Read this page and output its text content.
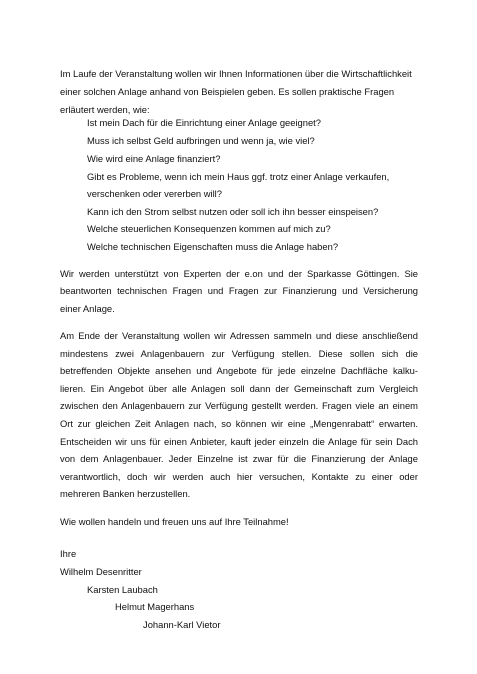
Im Laufe der Veranstaltung wollen wir Ihnen Informationen über die Wirtschaftlichkeit
einer solchen Anlage anhand von Beispielen geben. Es sollen praktische Fragen
erläutert werden, wie:
Ist mein Dach für die Einrichtung einer Anlage geeignet?
Muss ich selbst Geld aufbringen und wenn ja, wie viel?
Wie wird eine Anlage finanziert?
Gibt es Probleme, wenn ich mein Haus ggf. trotz einer Anlage verkaufen,
verschenken oder vererben will?
Kann ich den Strom selbst nutzen oder soll ich ihn besser einspeisen?
Welche steuerlichen Konsequenzen kommen auf mich zu?
Welche technischen Eigenschaften muss die Anlage haben?
Wir werden unterstützt von Experten der e.on und der Sparkasse Göttingen. Sie
beantworten technischen Fragen und Fragen zur Finanzierung und Versicherung
einer Anlage.
Am Ende der Veranstaltung wollen wir Adressen sammeln und diese anschließend
mindestens zwei Anlagenbauern zur Verfügung stellen. Diese sollen sich die
betreffenden Objekte ansehen und Angebote für jede einzelne Dachfläche kalku-
lieren. Ein Angebot über alle Anlagen soll dann der Gemeinschaft zum Vergleich
zwischen den Anlagenbauern zur Verfügung gestellt werden. Fragen viele an einem
Ort zur gleichen Zeit Anlagen nach, so können wir eine „Mengenrabatt“ erwarten.
Entscheiden wir uns für einen Anbieter, kauft jeder einzeln die Anlage für sein Dach
von dem Anlagenbauer. Jeder Einzelne ist zwar für die Finanzierung der Anlage
verantwortlich, doch wir werden auch hier versuchen, Kontakte zu einer oder
mehreren Banken herzustellen.
Wie wollen handeln und freuen uns auf Ihre Teilnahme!
Ihre
Wilhelm Desenritter
Karsten Laubach
Helmut Magerhans
Johann-Karl Vietor
